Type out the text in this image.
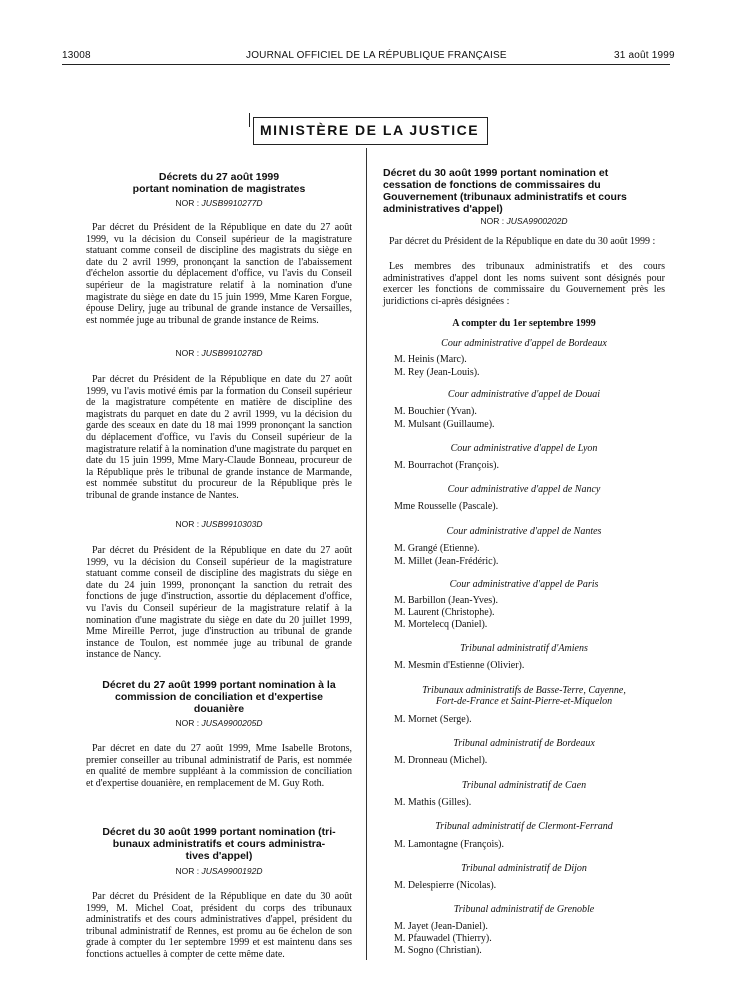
13008	JOURNAL OFFICIEL DE LA RÉPUBLIQUE FRANÇAISE	31 août 1999
MINISTÈRE DE LA JUSTICE
Décrets du 27 août 1999
portant nomination de magistrates
NOR : JUSB9910277D
Par décret du Président de la République en date du 27 août 1999, vu la décision du Conseil supérieur de la magistrature statuant comme conseil de discipline des magistrats du siège en date du 2 avril 1999, prononçant la sanction de l'abaissement d'échelon assortie du déplacement d'office, vu l'avis du Conseil supérieur de la magistrature relatif à la nomination d'une magistrate du siège en date du 15 juin 1999, Mme Karen Forgue, épouse Deliry, juge au tribunal de grande instance de Versailles, est nommée juge au tribunal de grande instance de Reims.
NOR : JUSB9910278D
Par décret du Président de la République en date du 27 août 1999, vu l'avis motivé émis par la formation du Conseil supérieur de la magistrature compétente en matière de discipline des magistrats du parquet en date du 2 avril 1999, vu la décision du garde des sceaux en date du 18 mai 1999 prononçant la sanction du déplacement d'office, vu l'avis du Conseil supérieur de la magistrature relatif à la nomination d'une magistrate du parquet en date du 15 juin 1999, Mme Mary-Claude Bonneau, procureur de la République près le tribunal de grande instance de Marmande, est nommée substitut du procureur de la République près le tribunal de grande instance de Nantes.
NOR : JUSB9910303D
Par décret du Président de la République en date du 27 août 1999, vu la décision du Conseil supérieur de la magistrature statuant comme conseil de discipline des magistrats du siège en date du 24 juin 1999, prononçant la sanction du retrait des fonctions de juge d'instruction, assortie du déplacement d'office, vu l'avis du Conseil supérieur de la magistrature relatif à la nomination d'une magistrate du siège en date du 20 juillet 1999, Mme Mireille Perrot, juge d'instruction au tribunal de grande instance de Toulon, est nommée juge au tribunal de grande instance de Nancy.
Décret du 27 août 1999 portant nomination à la
commission de conciliation et d'expertise
douanière
NOR : JUSA9900205D
Par décret en date du 27 août 1999, Mme Isabelle Brotons, premier conseiller au tribunal administratif de Paris, est nommée en qualité de membre suppléant à la commission de conciliation et d'expertise douanière, en remplacement de M. Guy Roth.
Décret du 30 août 1999 portant nomination (tri-
bunaux administratifs et cours administra-
tives d'appel)
NOR : JUSA9900192D
Par décret du Président de la République en date du 30 août 1999, M. Michel Coat, président du corps des tribunaux administratifs et des cours administratives d'appel, président du tribunal administratif de Rennes, est promu au 6e échelon de son grade à compter du 1er septembre 1999 et est maintenu dans ses fonctions actuelles à compter de cette même date.
Décret du 30 août 1999 portant nomination et
cessation de fonctions de commissaires du
Gouvernement (tribunaux administratifs et cours
administratives d'appel)
NOR : JUSA9900202D
Par décret du Président de la République en date du 30 août 1999 :
Les membres des tribunaux administratifs et des cours administratives d'appel dont les noms suivent sont désignés pour exercer les fonctions de commissaire du Gouvernement près les juridictions ci-après désignées :
A compter du 1er septembre 1999
Cour administrative d'appel de Bordeaux
M. Heinis (Marc).
M. Rey (Jean-Louis).
Cour administrative d'appel de Douai
M. Bouchier (Yvan).
M. Mulsant (Guillaume).
Cour administrative d'appel de Lyon
M. Bourrachot (François).
Cour administrative d'appel de Nancy
Mme Rousselle (Pascale).
Cour administrative d'appel de Nantes
M. Grangé (Etienne).
M. Millet (Jean-Frédéric).
Cour administrative d'appel de Paris
M. Barbillon (Jean-Yves).
M. Laurent (Christophe).
M. Mortelecq (Daniel).
Tribunal administratif d'Amiens
M. Mesmin d'Estienne (Olivier).
Tribunaux administratifs de Basse-Terre, Cayenne,
Fort-de-France et Saint-Pierre-et-Miquelon
M. Mornet (Serge).
Tribunal administratif de Bordeaux
M. Dronneau (Michel).
Tribunal administratif de Caen
M. Mathis (Gilles).
Tribunal administratif de Clermont-Ferrand
M. Lamontagne (François).
Tribunal administratif de Dijon
M. Delespierre (Nicolas).
Tribunal administratif de Grenoble
M. Jayet (Jean-Daniel).
M. Pfauwadel (Thierry).
M. Sogno (Christian).
